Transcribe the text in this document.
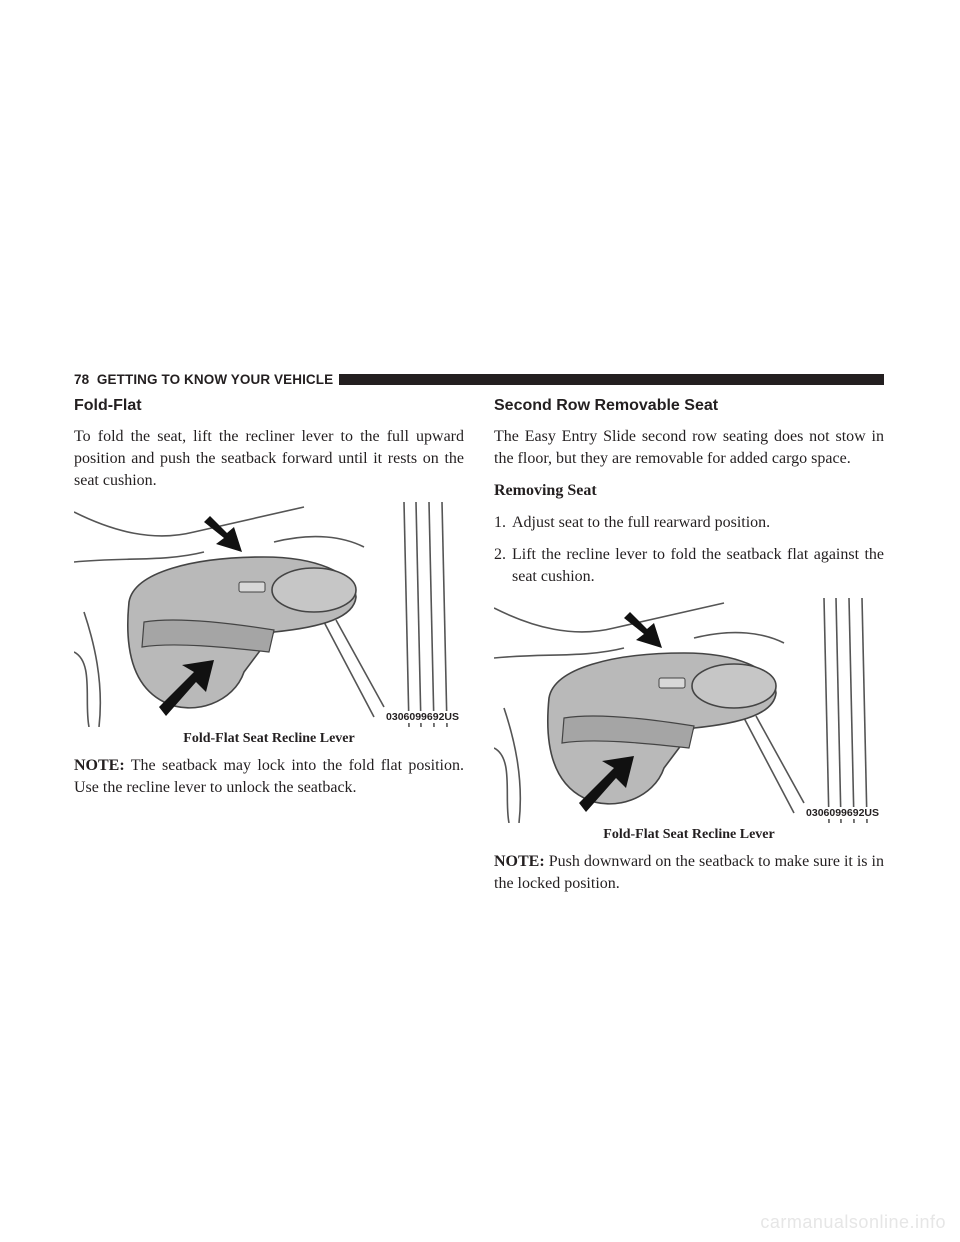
78 GETTING TO KNOW YOUR VEHICLE
Fold-Flat

To fold the seat, lift the recliner lever to the full upward position and push the seatback forward until it rests on the seat cushion.

0306099692US
Fold-Flat Seat Recline Lever

NOTE: The seatback may lock into the fold flat position. Use the recline lever to unlock the seatback.

Second Row Removable Seat

The Easy Entry Slide second row seating does not stow in the floor, but they are removable for added cargo space.

Removing Seat
1. Adjust seat to the full rearward position.
2. Lift the recline lever to fold the seatback flat against the seat cushion.
0306099692US
Fold-Flat Seat Recline Lever

NOTE: Push downward on the seatback to make sure it is in the locked position.

carmanualsonline.info
